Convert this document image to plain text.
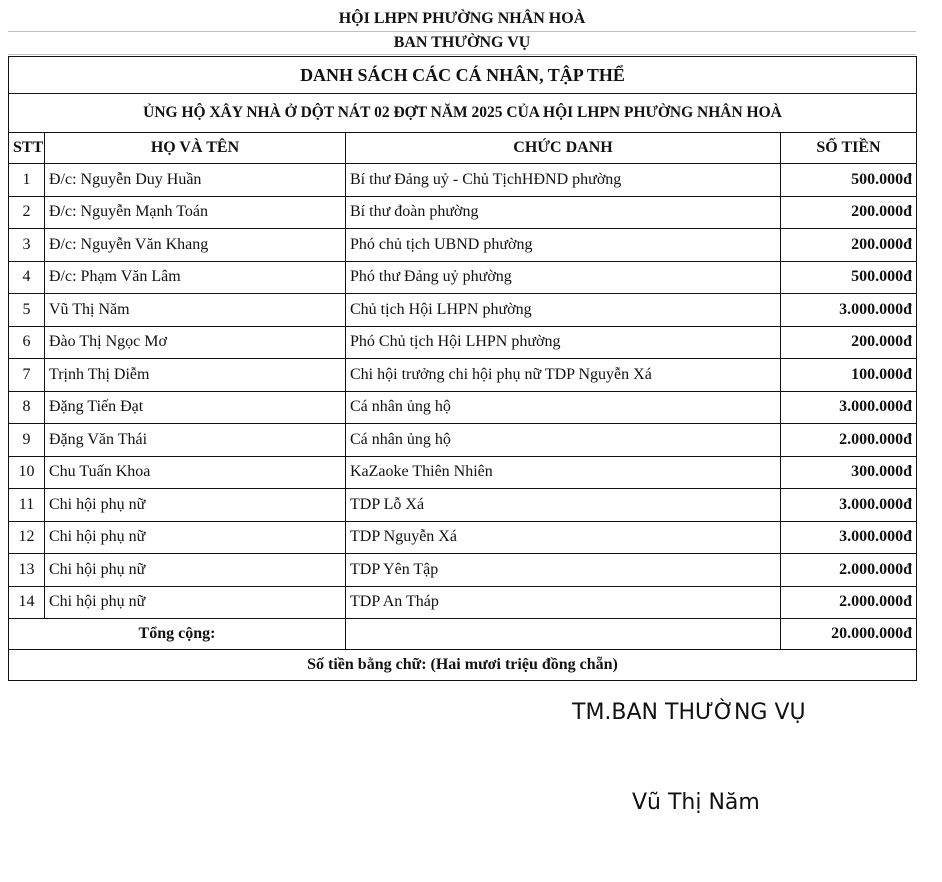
HỘI LHPN PHƯỜNG NHÂN HOÀ
BAN THƯỜNG VỤ
DANH SÁCH CÁC CÁ NHÂN, TẬP THỂ			
ỦNG HỘ XÂY NHÀ Ở DỘT NÁT 02 ĐỢT NĂM 2025 CỦA HỘI LHPN PHƯỜNG NHÂN HOÀ			
STT	HỌ VÀ TÊN	CHỨC DANH	SỐ TIỀN
1	Đ/c: Nguyễn Duy Huần	Bí thư Đảng uỷ - Chủ TịchHĐND phường	500.000đ
2	Đ/c: Nguyễn Mạnh Toán	Bí thư đoàn phường	200.000đ
3	Đ/c: Nguyễn Văn Khang	Phó chủ tịch UBND phường	200.000đ
4	Đ/c: Phạm Văn Lâm	Phó thư Đảng uỷ phường	500.000đ
5	Vũ Thị Năm	Chủ tịch Hội LHPN phường	3.000.000đ
6	Đào Thị Ngọc Mơ	Phó Chủ tịch Hội LHPN phường	200.000đ
7	Trịnh Thị Diễm	Chi hội trưởng chi hội phụ nữ TDP Nguyễn Xá	100.000đ
8	Đặng Tiến Đạt	Cá nhân ủng hộ	3.000.000đ
9	Đặng Văn Thái	Cá nhân ủng hộ	2.000.000đ
10	Chu Tuấn Khoa	KaZaoke Thiên Nhiên	300.000đ
11	Chi hội phụ nữ	TDP Lỗ Xá	3.000.000đ
12	Chi hội phụ nữ	TDP Nguyễn Xá	3.000.000đ
13	Chi hội phụ nữ	TDP Yên Tập	2.000.000đ
14	Chi hội phụ nữ	TDP An Tháp	2.000.000đ
Tổng cộng:			20.000.000đ
Số tiền bằng chữ: (Hai mươi triệu đồng chẵn)			
TM.BAN THƯỜNG VỤ
Vũ Thị Năm
